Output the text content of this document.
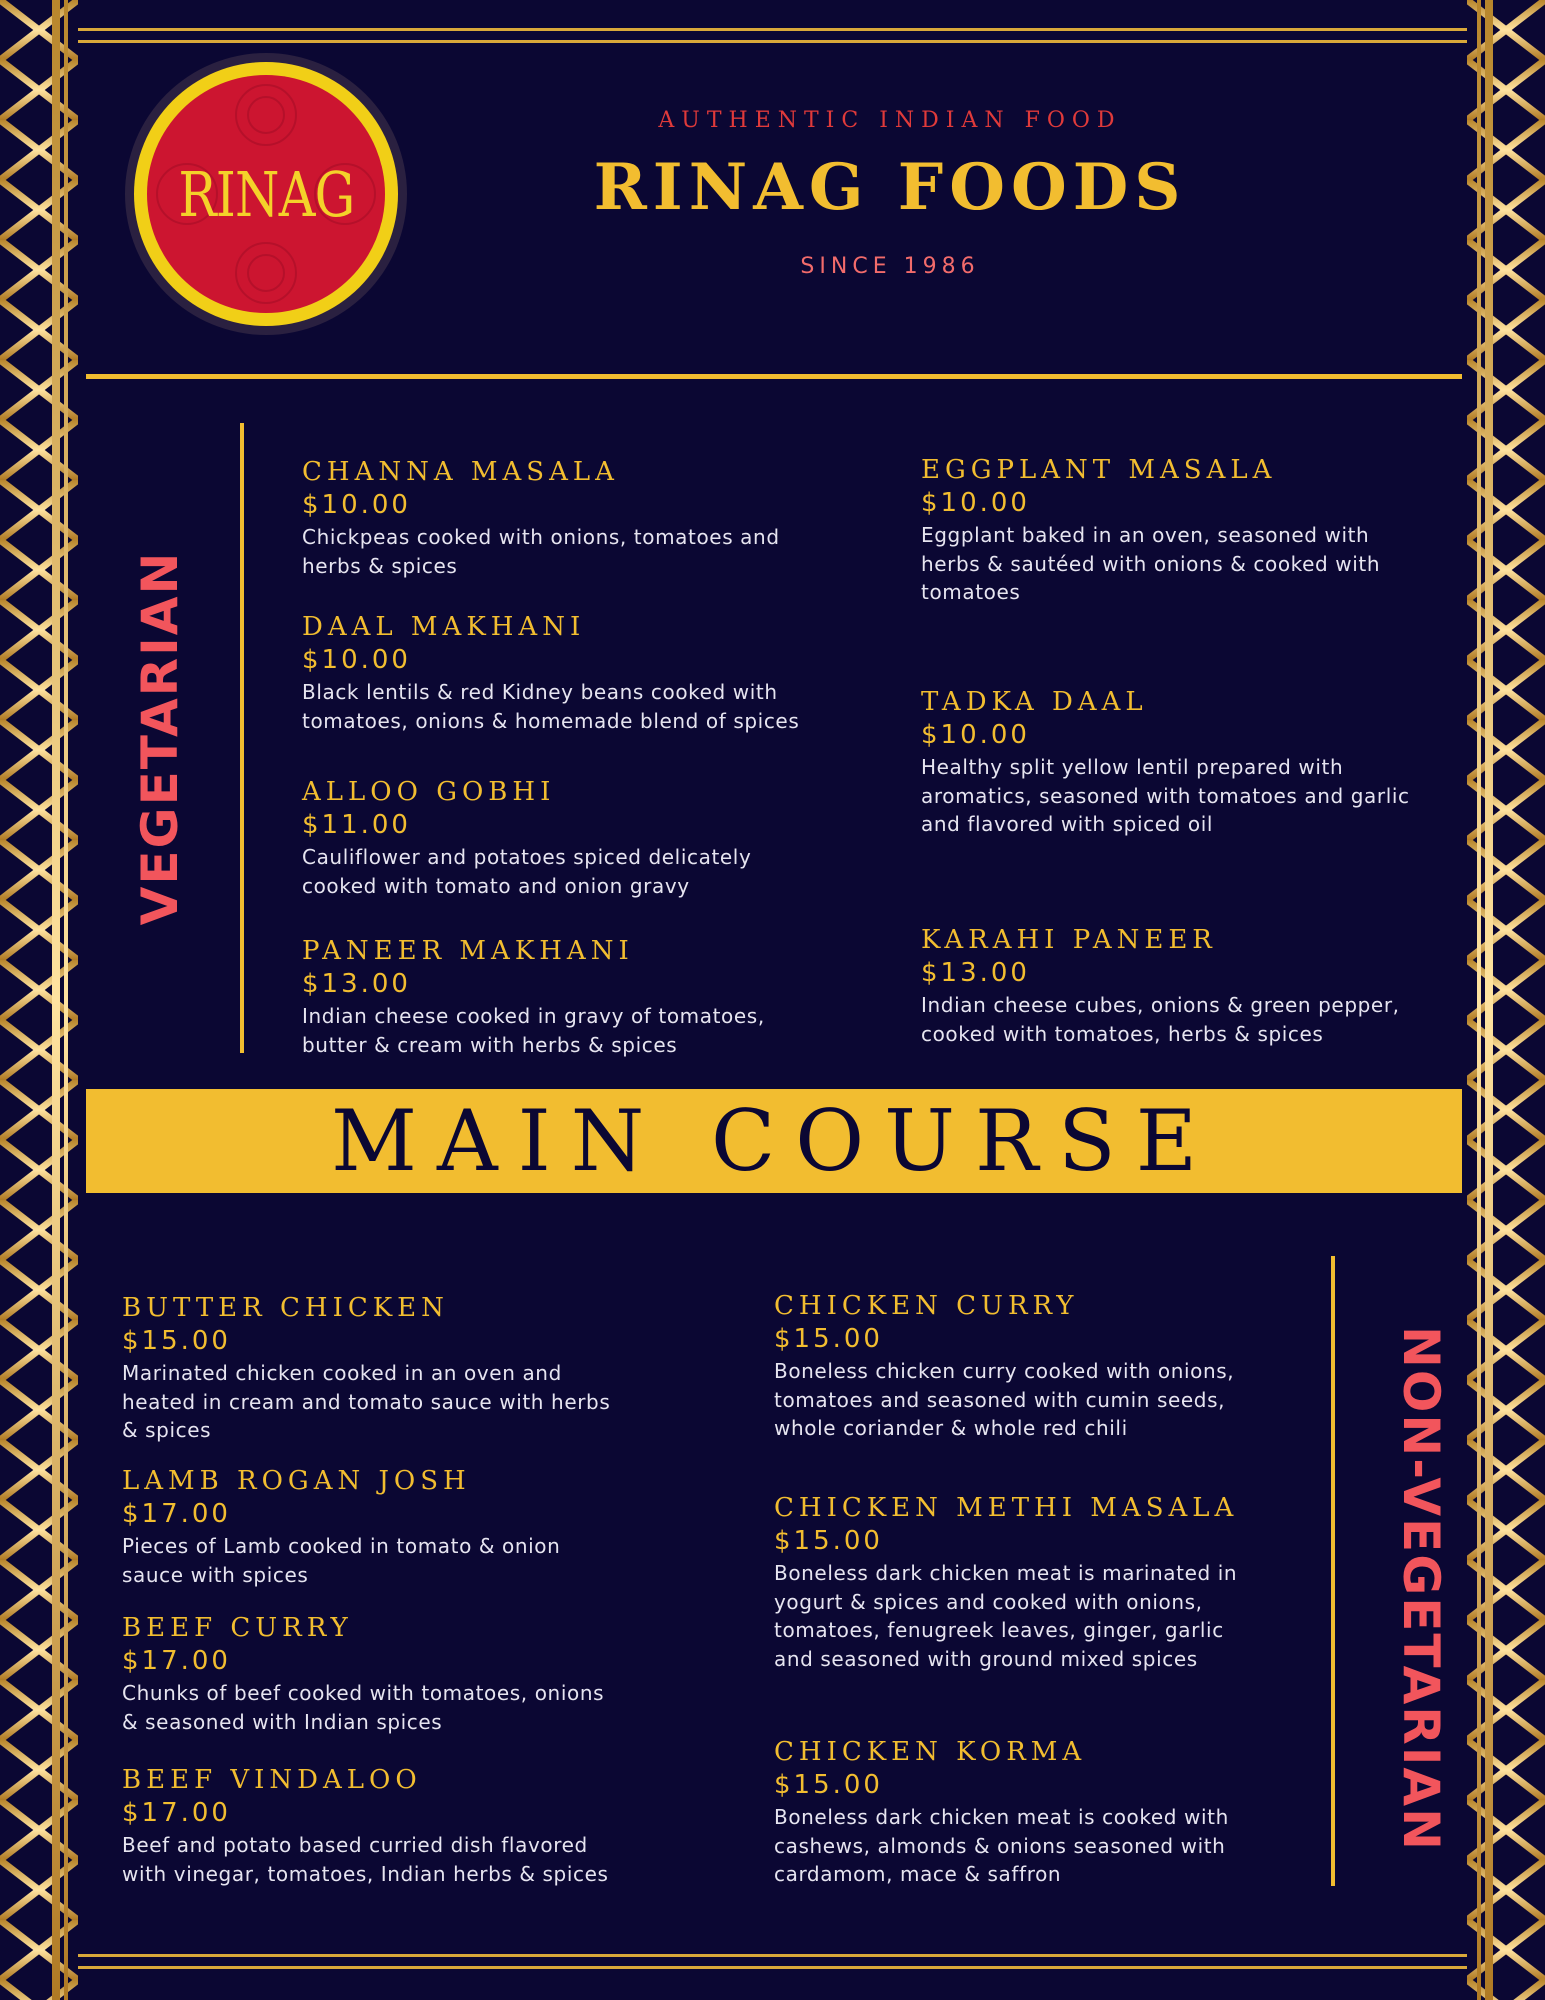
RINAG
AUTHENTIC INDIAN FOOD
RINAG FOODS
SINCE 1986
VEGETARIAN
CHANNA MASALA
$10.00
Chickpeas cooked with onions, tomatoes and
herbs & spices
DAAL MAKHANI
$10.00
Black lentils & red Kidney beans cooked with
tomatoes, onions & homemade blend of spices
ALLOO GOBHI
$11.00
Cauliflower and potatoes spiced delicately
cooked with tomato and onion gravy
PANEER MAKHANI
$13.00
Indian cheese cooked in gravy of tomatoes,
butter & cream with herbs & spices
EGGPLANT MASALA
$10.00
Eggplant baked in an oven, seasoned with
herbs & sautéed with onions & cooked with
tomatoes
TADKA DAAL
$10.00
Healthy split yellow lentil prepared with
aromatics, seasoned with tomatoes and garlic
and flavored with spiced oil
KARAHI PANEER
$13.00
Indian cheese cubes, onions & green pepper,
cooked with tomatoes, herbs & spices
MAIN COURSE
NON-VEGETARIAN
BUTTER CHICKEN
$15.00
Marinated chicken cooked in an oven and
heated in cream and tomato sauce with herbs
& spices
LAMB ROGAN JOSH
$17.00
Pieces of Lamb cooked in tomato & onion
sauce with spices
BEEF CURRY
$17.00
Chunks of beef cooked with tomatoes, onions
& seasoned with Indian spices
BEEF VINDALOO
$17.00
Beef and potato based curried dish flavored
with vinegar, tomatoes, Indian herbs & spices
CHICKEN CURRY
$15.00
Boneless chicken curry cooked with onions,
tomatoes and seasoned with cumin seeds,
whole coriander & whole red chili
CHICKEN METHI MASALA
$15.00
Boneless dark chicken meat is marinated in
yogurt & spices and cooked with onions,
tomatoes, fenugreek leaves, ginger, garlic
and seasoned with ground mixed spices
CHICKEN KORMA
$15.00
Boneless dark chicken meat is cooked with
cashews, almonds & onions seasoned with
cardamom, mace & saffron
